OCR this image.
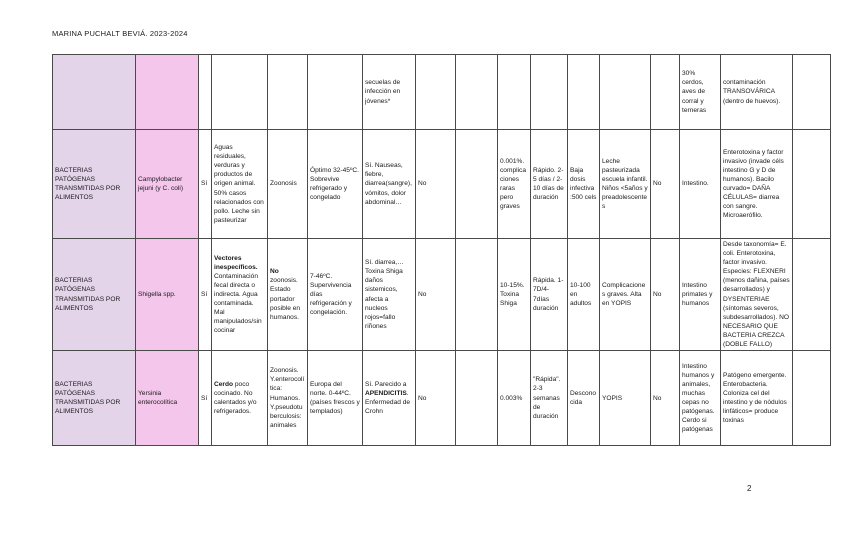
MARINA PUCHALT BEVIÁ. 2023-2024
						secuelas de infección en jóvenes*								30% cerdos, aves de corral y terneras	contaminación TRANSOVÁRICA (dentro de huevos).	
BACTERIAS PATÓGENAS TRANSMITIDAS POR ALIMENTOS	Campylobacter jejuni (y C. coli)	Sí	Aguas residuales, verduras y productos de origen animal. 50% casos relacionados con pollo. Leche sin pasteurizar	Zoonosis	Óptimo 32-45ºC. Sobrevive refrigerado y congelado	Sí. Nauseas, fiebre, diarrea(sangre), vómitos, dolor abdominal…	No		0.001%. complicaciones raras pero graves	Rápido. 2-5 días / 2-10 días de duración	Baja dosis infectiva :500 cels	Leche pasteurizada escuela infantil. Niños <5años y preadolescentes	No	Intestino.	Enterotoxina y factor invasivo (invade céls intestino G y D de humanos). Bacilo curvado= DAÑA CÉLULAS= diarrea con sangre. Microaerófilo.	
BACTERIAS PATÓGENAS TRANSMITIDAS POR ALIMENTOS	Shigella spp.	Sí	Vectores inespecíficos. Contaminación fecal directa o indirecta. Agua contaminada. Mal manipulados/sin cocinar	No zoonosis. Estado portador posible en humanos.	7-46ºC. Supervivencia días refrigeración y congelación.	Sí. diarrea,…Toxina Shiga daños sistemicos, afecta a nucleos rojos=fallo riñones	No		10-15%. Toxina Shiga	Rápida. 1-7D/4-7días duración	10-100 en adultos	Complicaciones graves. Alta en YOPIS	No	Intestino primates y humanos	Desde taxonomía= E. coli. Enterotoxina, factor invasivo. Especies: FLEXNERI (menos dañina, países desarrollados) y DYSENTERIAE (síntomas severos, subdesarrollados). NO NECESARIO QUE BACTERIA CREZCA (DOBLE FALLO)	
BACTERIAS PATÓGENAS TRANSMITIDAS POR ALIMENTOS	Yersinia enterocolítica	Sí	Cerdo poco cocinado. No calentados y/o refrigerados.	Zoonosis. Y.enterocolítica: Humanos. Y.pseudotuberculosis: animales	Europa del norte. 0-44ºC. (países frescos y templados)	Sí. Parecido a APENDICITIS. Enfermedad de Crohn	No		0.003%	"Rápida". 2-3 semanas de duración	Desconocida	YOPIS	No	Intestino humanos y animales, muchas cepas no patógenas. Cerdo si patógenas	Patógeno emergente. Enterobacteria. Coloniza cel del intestino y de nódulos linfáticos= produce toxinas	
2
